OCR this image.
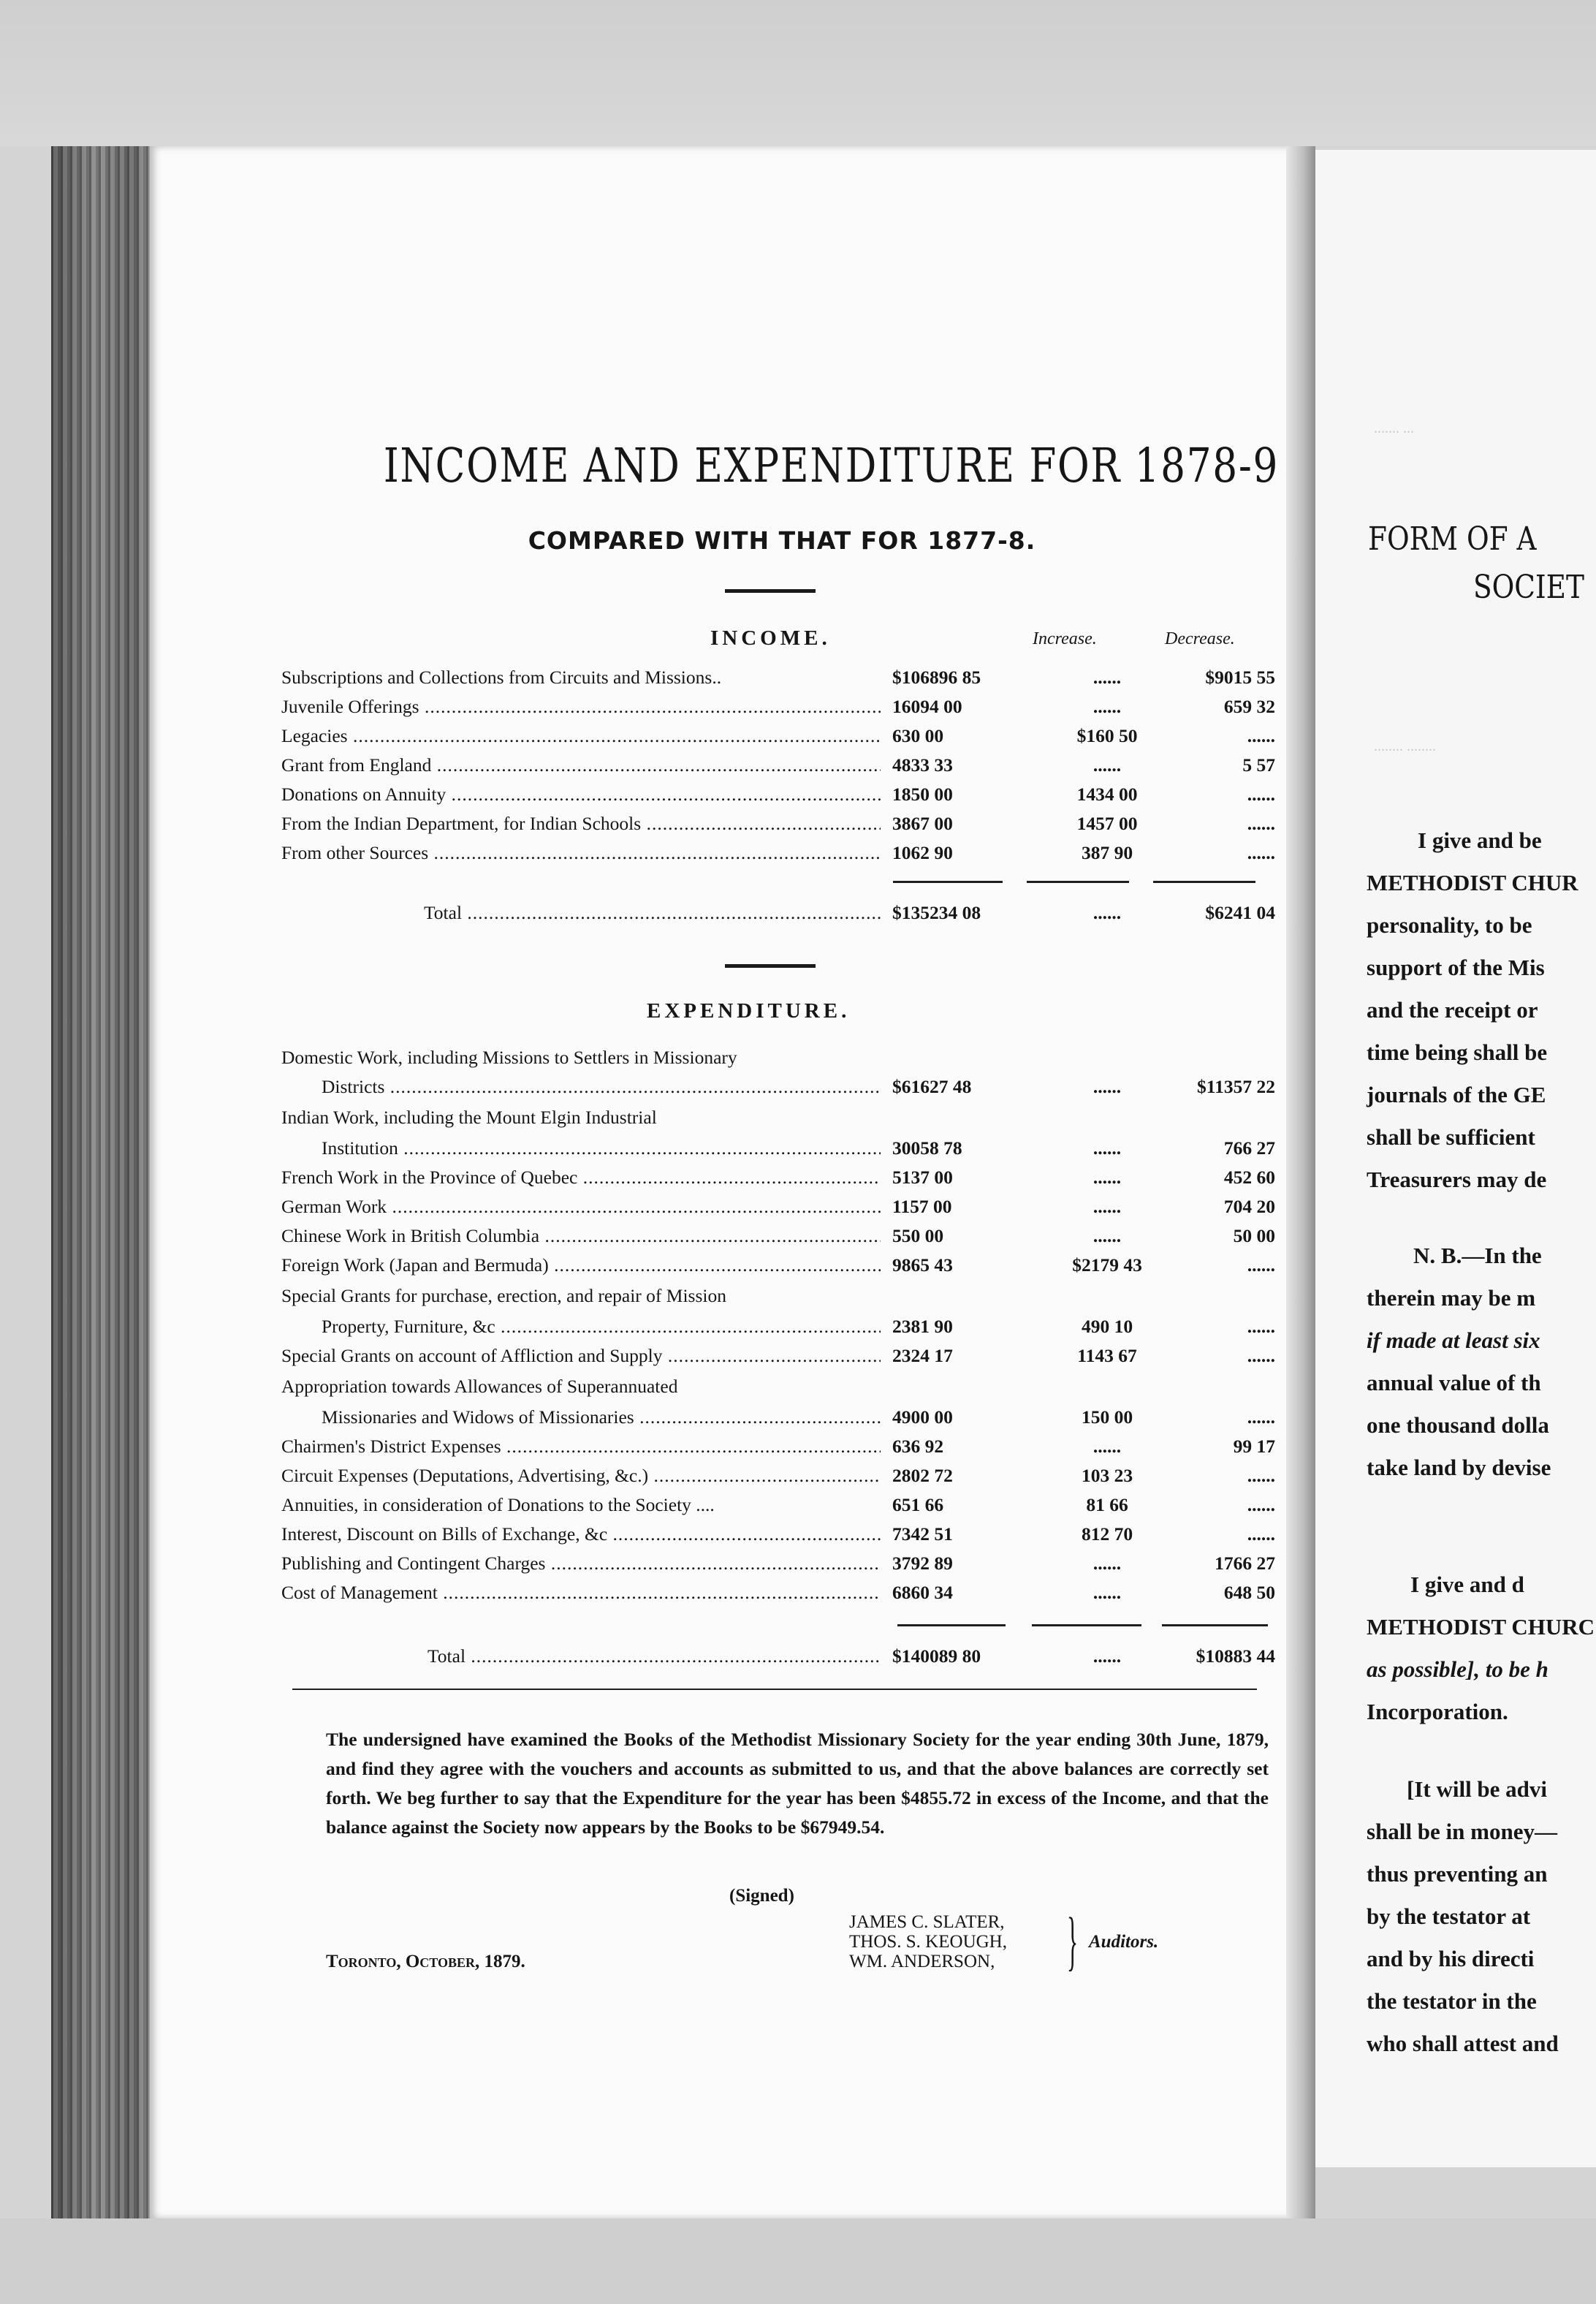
INCOME AND EXPENDITURE FOR 1878-9
COMPARED WITH THAT FOR 1877-8.
INCOME.	Increase.	Decrease.
Subscriptions and Collections from Circuits and Missions..	$106896 85	......	$9015 55
Juvenile Offerings .....	16094 00	......	659 32
Legacies .....	630 00	$160 50	......
Grant from England .....	4833 33	......	5 57
Donations on Annuity .....	1850 00	1434 00	......
From the Indian Department, for Indian Schools .....	3867 00	1457 00	......
From other Sources .....	1062 90	387 90	......
Total .....	$135234 08	......	$6241 04
EXPENDITURE.
Domestic Work, including Missions to Settlers in Missionary
Districts .....	$61627 48	......	$11357 22
Indian Work, including the Mount Elgin Industrial
Institution .....	30058 78	......	766 27
French Work in the Province of Quebec .....	5137 00	......	452 60
German Work .....	1157 00	......	704 20
Chinese Work in British Columbia .....	550 00	......	50 00
Foreign Work (Japan and Bermuda) .....	9865 43	$2179 43	......
Special Grants for purchase, erection, and repair of Mission
Property, Furniture, &c .....	2381 90	490 10	......
Special Grants on account of Affliction and Supply .....	2324 17	1143 67	......
Appropriation towards Allowances of Superannuated
Missionaries and Widows of Missionaries .....	4900 00	150 00	......
Chairmen's District Expenses .....	636 92	......	99 17
Circuit Expenses (Deputations, Advertising, &c.) .....	2802 72	103 23	......
Annuities, in consideration of Donations to the Society ....	651 66	81 66	......
Interest, Discount on Bills of Exchange, &c .....	7342 51	812 70	......
Publishing and Contingent Charges .....	3792 89	......	1766 27
Cost of Management .....	6860 34	......	648 50
Total .....	$140089 80	......	$10883 44
The undersigned have examined the Books of the Methodist Missionary Society for the year ending 30th June, 1879, and find they agree with the vouchers and accounts as submitted to us, and that the above balances are correctly set forth. We beg further to say that the Expenditure for the year has been $4855.72 in excess of the Income, and that the balance against the Society now appears by the Books to be $67949.54.
(Signed)
JAMES C. SLATER,
THOS. S. KEOUGH,
WM. ANDERSON, } Auditors.
Toronto, October, 1879.
....... ...
........ ........
FORM OF A
SOCIET
I give and be
METHODIST CHUR
personality, to be
support of the Mis
and the receipt or
time being shall be
journals of the GE
shall be sufficient
Treasurers may de
N. B.—In the
therein may be m
if made at least six
annual value of th
one thousand dolla
take land by devise
I give and d
METHODIST CHURC
as possible], to be h
Incorporation.
[It will be advi
shall be in money—
thus preventing an
by the testator at
and by his directi
the testator in the
who shall attest and
